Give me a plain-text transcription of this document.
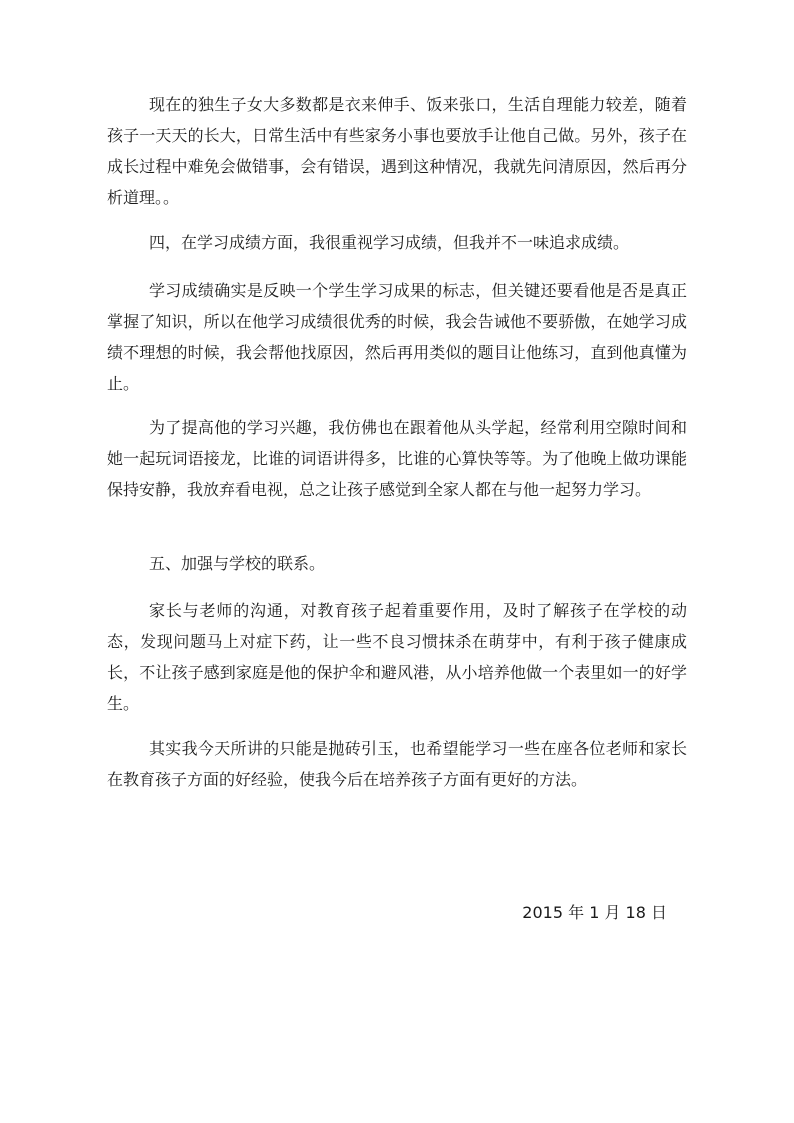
现在的独生子女大多数都是衣来伸手、饭来张口，生活自理能力较差，随着孩子一天天的长大，日常生活中有些家务小事也要放手让他自己做。另外，孩子在成长过程中难免会做错事，会有错误，遇到这种情况，我就先问清原因，然后再分析道理。。

四，在学习成绩方面，我很重视学习成绩，但我并不一味追求成绩。

学习成绩确实是反映一个学生学习成果的标志，但关键还要看他是否是真正掌握了知识，所以在他学习成绩很优秀的时候，我会告诫他不要骄傲，在她学习成绩不理想的时候，我会帮他找原因，然后再用类似的题目让他练习，直到他真懂为止。

为了提高他的学习兴趣，我仿佛也在跟着他从头学起，经常利用空隙时间和她一起玩词语接龙，比谁的词语讲得多，比谁的心算快等等。为了他晚上做功课能保持安静，我放弃看电视，总之让孩子感觉到全家人都在与他一起努力学习。

五、加强与学校的联系。

家长与老师的沟通，对教育孩子起着重要作用，及时了解孩子在学校的动态，发现问题马上对症下药，让一些不良习惯抹杀在萌芽中，有利于孩子健康成长，不让孩子感到家庭是他的保护伞和避风港，从小培养他做一个表里如一的好学生。

其实我今天所讲的只能是抛砖引玉，也希望能学习一些在座各位老师和家长在教育孩子方面的好经验，使我今后在培养孩子方面有更好的方法。

2015 年 1 月 18 日
